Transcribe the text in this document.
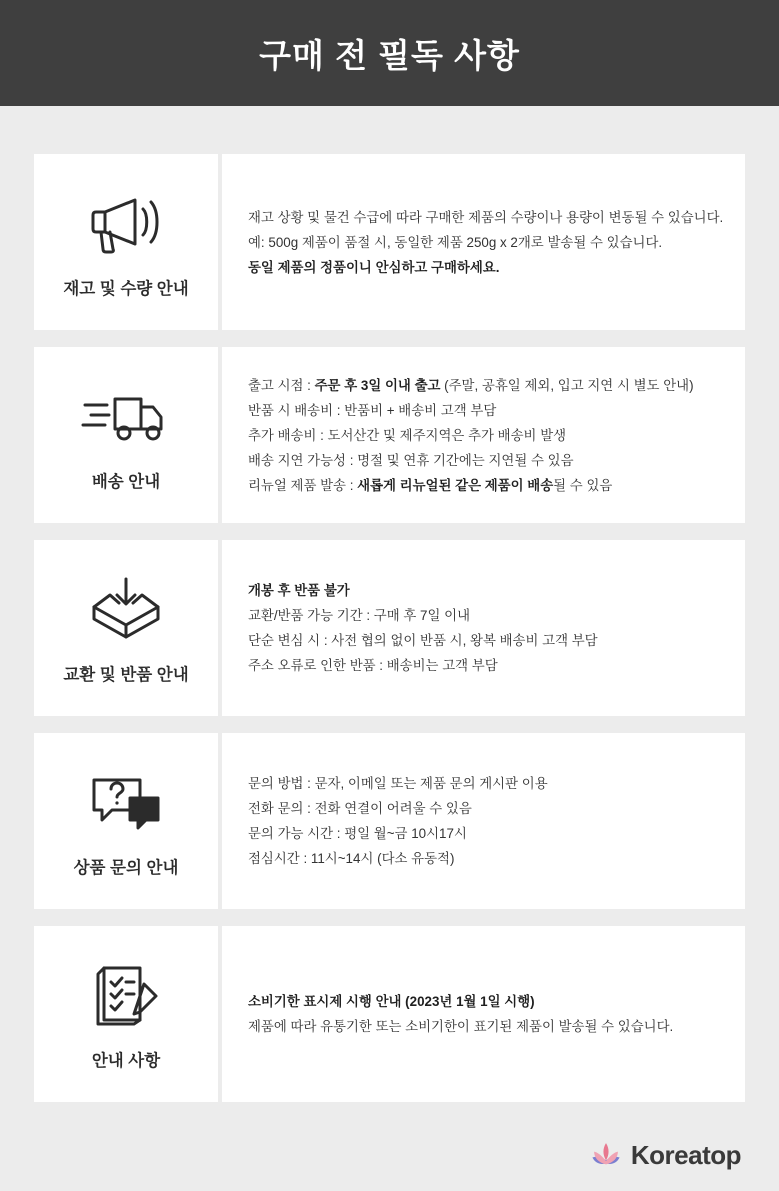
구매 전 필독 사항
재고 및 수량 안내
재고 상황 및 물건 수급에 따라 구매한 제품의 수량이나 용량이 변동될 수 있습니다.
예: 500g 제품이 품절 시, 동일한 제품 250g x 2개로 발송될 수 있습니다.
동일 제품의 정품이니 안심하고 구매하세요.
배송 안내
출고 시점 : 주문 후 3일 이내 출고 (주말, 공휴일 제외, 입고 지연 시 별도 안내)
반품 시 배송비 : 반품비 + 배송비 고객 부담
추가 배송비 : 도서산간 및 제주지역은 추가 배송비 발생
배송 지연 가능성 : 명절 및 연휴 기간에는 지연될 수 있음
리뉴얼 제품 발송 : 새롭게 리뉴얼된 같은 제품이 배송될 수 있음
교환 및 반품 안내
개봉 후 반품 불가
교환/반품 가능 기간 : 구매 후 7일 이내
단순 변심 시 : 사전 협의 없이 반품 시, 왕복 배송비 고객 부담
주소 오류로 인한 반품 : 배송비는 고객 부담
상품 문의 안내
문의 방법 : 문자, 이메일 또는 제품 문의 게시판 이용
전화 문의 : 전화 연결이 어려울 수 있음
문의 가능 시간 : 평일 월~금 10시17시
점심시간 : 11시~14시 (다소 유동적)
안내 사항
소비기한 표시제 시행 안내 (2023년 1월 1일 시행)
제품에 따라 유통기한 또는 소비기한이 표기된 제품이 발송될 수 있습니다.
Koreatop
